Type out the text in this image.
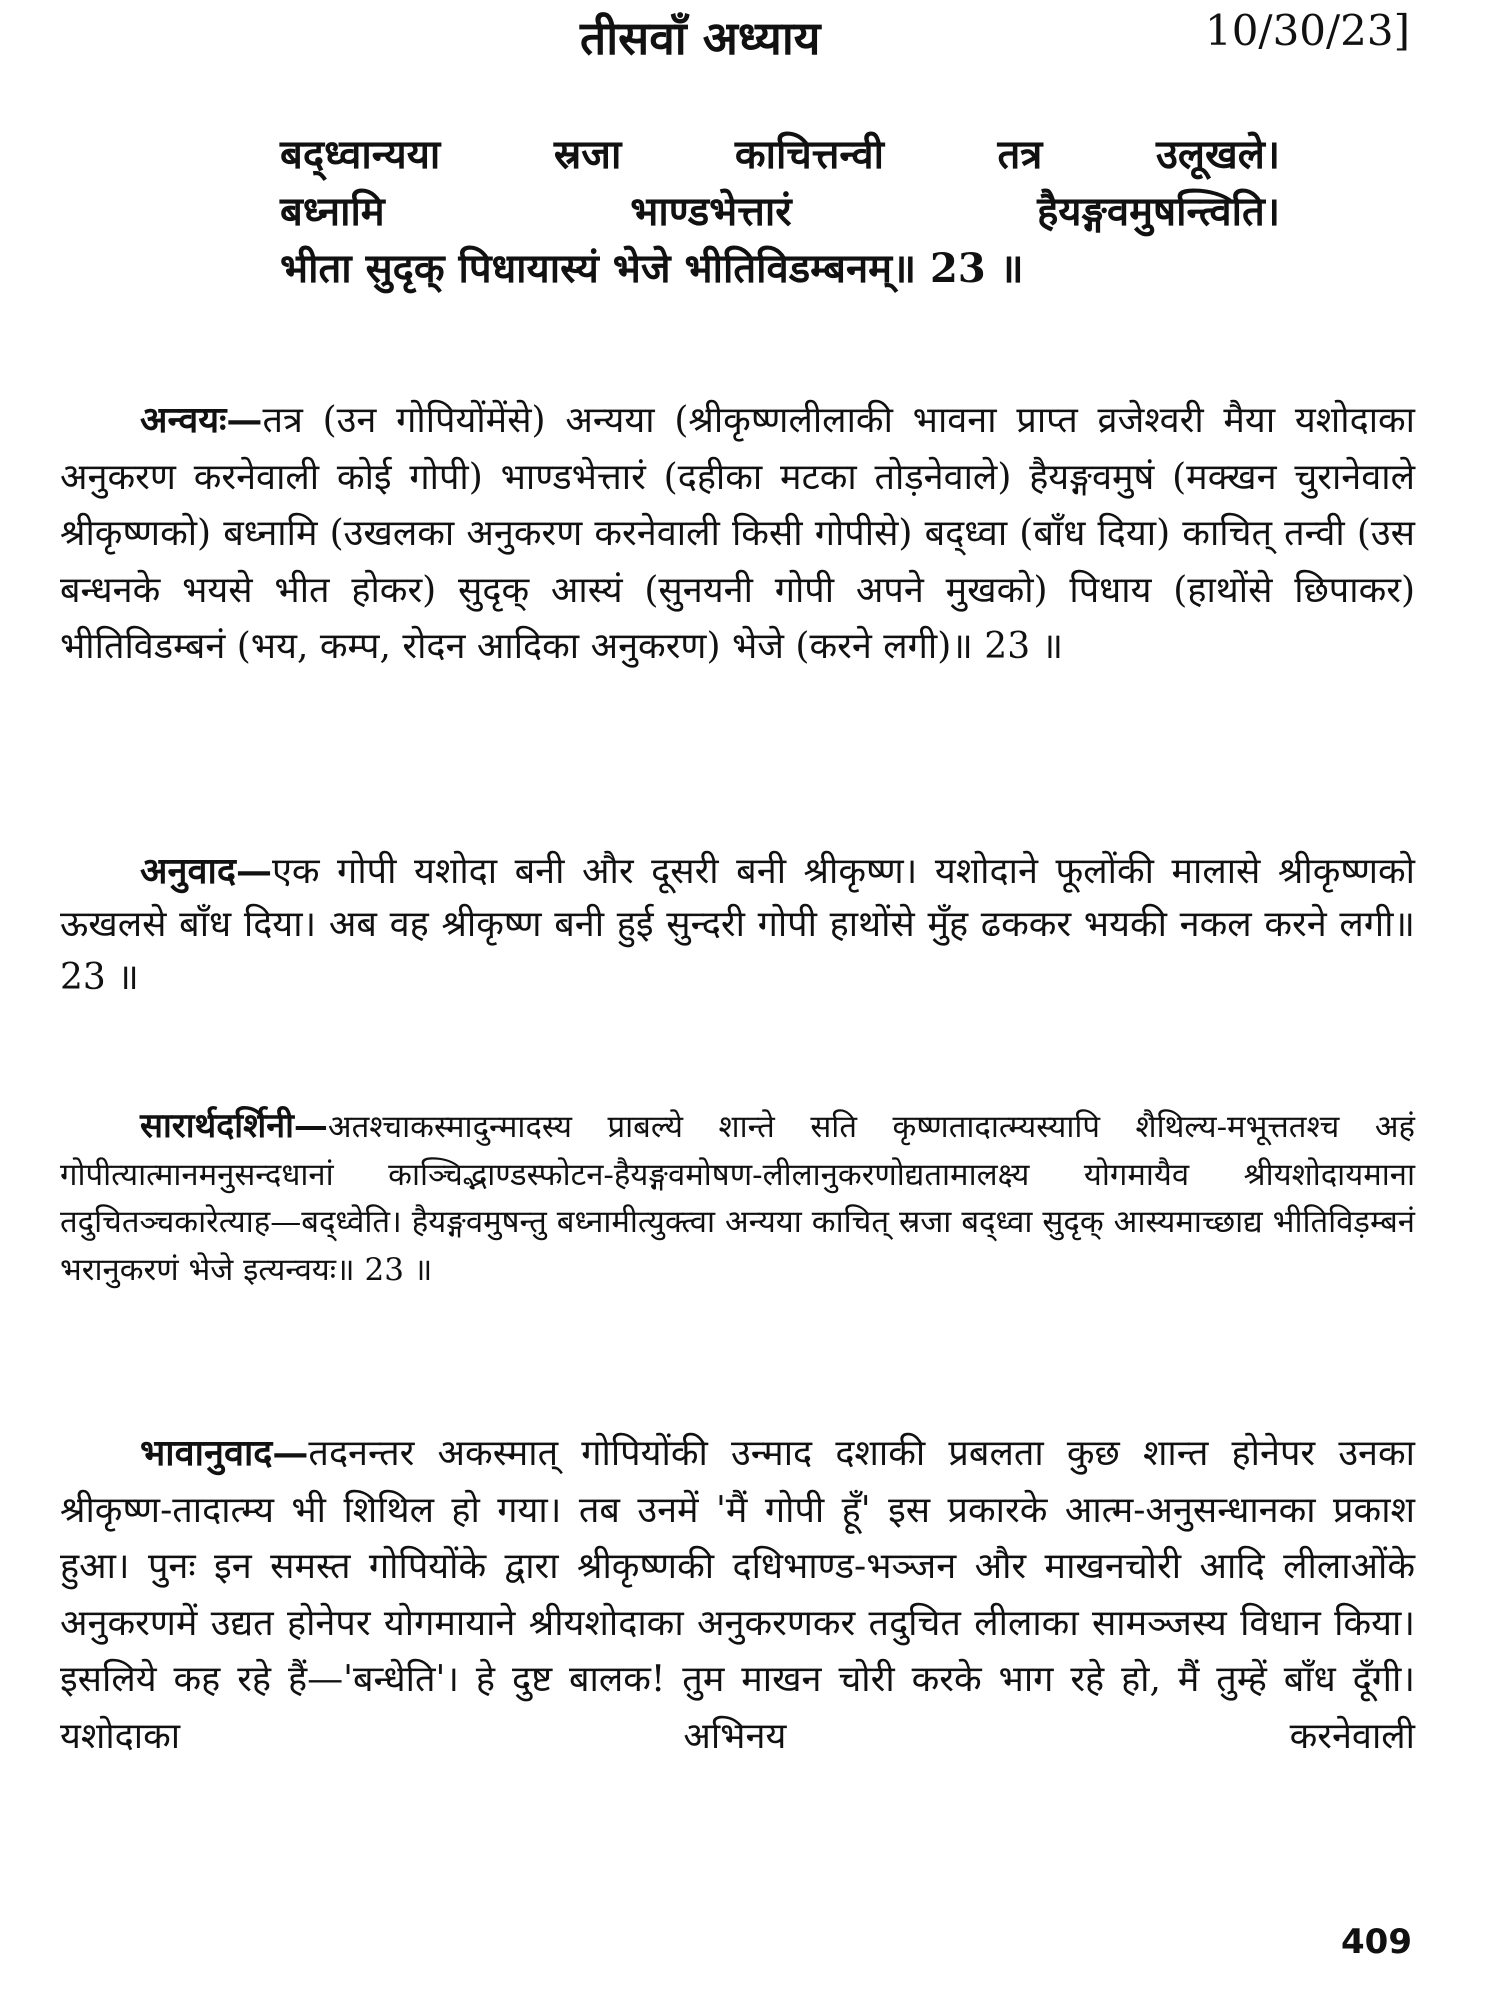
तीसवाँ अध्याय	10/30/23]
बद्ध्वान्यया स्रजा काचित्तन्वी तत्र उलूखले।
बध्नामि भाण्डभेत्तारं हैयङ्गवमुषन्त्विति।
भीता सुदृक् पिधायास्यं भेजे भीतिविडम्बनम्॥ 23 ॥

अन्वयः—तत्र (उन गोपियोंमेंसे) अन्यया (श्रीकृष्णलीलाकी भावना प्राप्त व्रजेश्वरी मैया यशोदाका अनुकरण करनेवाली कोई गोपी) भाण्डभेत्तारं (दहीका मटका तोड़नेवाले) हैयङ्गवमुषं (मक्खन चुरानेवाले श्रीकृष्णको) बध्नामि (उखलका अनुकरण करनेवाली किसी गोपीसे) बद्ध्वा (बाँध दिया) काचित् तन्वी (उस बन्धनके भयसे भीत होकर) सुदृक् आस्यं (सुनयनी गोपी अपने मुखको) पिधाय (हाथोंसे छिपाकर) भीतिविडम्बनं (भय, कम्प, रोदन आदिका अनुकरण) भेजे (करने लगी)॥ 23 ॥

अनुवाद—एक गोपी यशोदा बनी और दूसरी बनी श्रीकृष्ण। यशोदाने फूलोंकी मालासे श्रीकृष्णको ऊखलसे बाँध दिया। अब वह श्रीकृष्ण बनी हुई सुन्दरी गोपी हाथोंसे मुँह ढककर भयकी नकल करने लगी॥ 23 ॥

सारार्थदर्शिनी—अतश्चाकस्मादुन्मादस्य प्राबल्ये शान्ते सति कृष्णतादात्म्यस्यापि शैथिल्य-मभूत्ततश्च अहं गोपीत्यात्मानमनुसन्दधानां काञ्चिद्भाण्डस्फोटन-हैयङ्गवमोषण-लीलानुकरणोद्यतामालक्ष्य योगमायैव श्रीयशोदायमाना तदुचितञ्चकारेत्याह—बद्ध्वेति। हैयङ्गवमुषन्तु बध्नामीत्युक्त्वा अन्यया काचित् स्रजा बद्ध्वा सुदृक् आस्यमाच्छाद्य भीतिविड़म्बनं भरानुकरणं भेजे इत्यन्वयः॥ 23 ॥

भावानुवाद—तदनन्तर अकस्मात् गोपियोंकी उन्माद दशाकी प्रबलता कुछ शान्त होनेपर उनका श्रीकृष्ण-तादात्म्य भी शिथिल हो गया। तब उनमें 'मैं गोपी हूँ' इस प्रकारके आत्म-अनुसन्धानका प्रकाश हुआ। पुनः इन समस्त गोपियोंके द्वारा श्रीकृष्णकी दधिभाण्ड-भञ्जन और माखनचोरी आदि लीलाओंके अनुकरणमें उद्यत होनेपर योगमायाने श्रीयशोदाका अनुकरणकर तदुचित लीलाका सामञ्जस्य विधान किया। इसलिये कह रहे हैं—'बन्धेति'। हे दुष्ट बालक! तुम माखन चोरी करके भाग रहे हो, मैं तुम्हें बाँध दूँगी। यशोदाका अभिनय करनेवाली

409
